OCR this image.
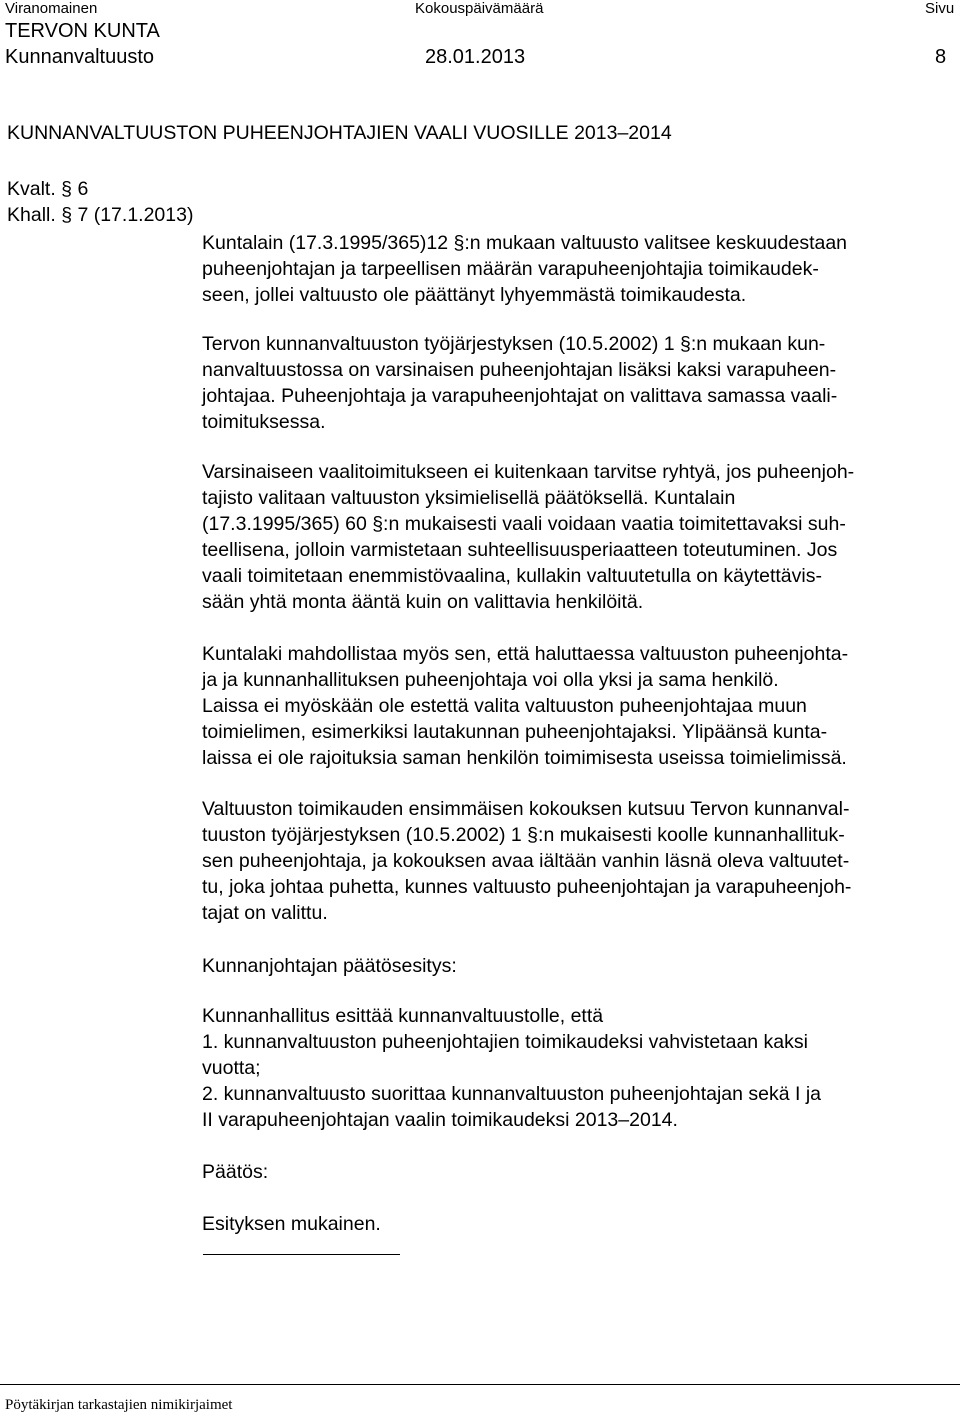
Viranomainen	Kokouspäivämäärä	Sivu
TERVON KUNTA
Kunnanvaltuusto	28.01.2013	8
KUNNANVALTUUSTON PUHEENJOHTAJIEN VAALI VUOSILLE 2013–2014
Kvalt. § 6
Khall. § 7 (17.1.2013)
Kuntalain (17.3.1995/365)12 §:n mukaan valtuusto valitsee keskuudestaan
puheenjohtajan ja tarpeellisen määrän varapuheenjohtajia toimikaudek-
seen, jollei valtuusto ole päättänyt lyhyemmästä toimikaudesta.
Tervon kunnanvaltuuston työjärjestyksen (10.5.2002) 1 §:n mukaan kun-
nanvaltuustossa on varsinaisen puheenjohtajan lisäksi kaksi varapuheen-
johtajaa. Puheenjohtaja ja varapuheenjohtajat on valittava samassa vaali-
toimituksessa.
Varsinaiseen vaalitoimitukseen ei kuitenkaan tarvitse ryhtyä, jos puheenjoh-
tajisto valitaan valtuuston yksimielisellä päätöksellä. Kuntalain
(17.3.1995/365) 60 §:n mukaisesti vaali voidaan vaatia toimitettavaksi suh-
teellisena, jolloin varmistetaan suhteellisuusperiaatteen toteutuminen. Jos
vaali toimitetaan enemmistövaalina, kullakin valtuutetulla on käytettävis-
sään yhtä monta ääntä kuin on valittavia henkilöitä.
Kuntalaki mahdollistaa myös sen, että haluttaessa valtuuston puheenjohta-
ja ja kunnanhallituksen puheenjohtaja voi olla yksi ja sama henkilö.
Laissa ei myöskään ole estettä valita valtuuston puheenjohtajaa muun
toimielimen, esimerkiksi lautakunnan puheenjohtajaksi. Ylipäänsä kunta-
laissa ei ole rajoituksia saman henkilön toimimisesta useissa toimielimissä.
Valtuuston toimikauden ensimmäisen kokouksen kutsuu Tervon kunnanval-
tuuston työjärjestyksen (10.5.2002) 1 §:n mukaisesti koolle kunnanhallituk-
sen puheenjohtaja, ja kokouksen avaa iältään vanhin läsnä oleva valtuutet-
tu, joka johtaa puhetta, kunnes valtuusto puheenjohtajan ja varapuheenjoh-
tajat on valittu.
Kunnanjohtajan päätösesitys:
Kunnanhallitus esittää kunnanvaltuustolle, että
1. kunnanvaltuuston puheenjohtajien toimikaudeksi vahvistetaan kaksi
vuotta;
2. kunnanvaltuusto suorittaa kunnanvaltuuston puheenjohtajan sekä I ja
II varapuheenjohtajan vaalin toimikaudeksi 2013–2014.
Päätös:
Esityksen mukainen.
Pöytäkirjan tarkastajien nimikirjaimet
